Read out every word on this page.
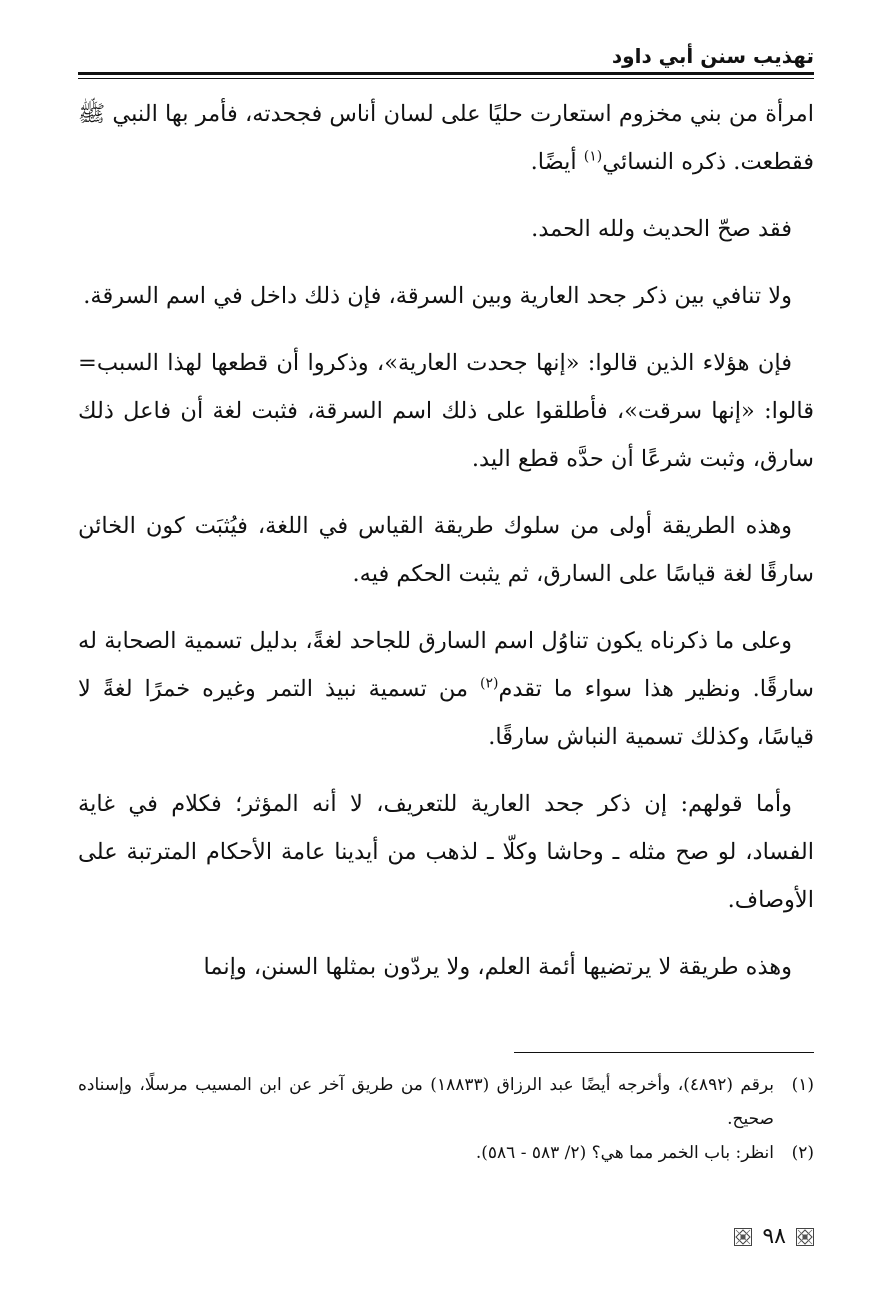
تهذيب سنن أبي داود

امرأة من بني مخزوم استعارت حليًا على لسان أناس فجحدته، فأمر بها النبي ﷺ فقطعت. ذكره النسائي$^{(١)}$ أيضًا.

فقد صحّ الحديث ولله الحمد.

ولا تنافي بين ذكر جحد العارية وبين السرقة، فإن ذلك داخل في اسم السرقة.

فإن هؤلاء الذين قالوا: «إنها جحدت العارية»، وذكروا أن قطعها لهذا السبب= قالوا: «إنها سرقت»، فأطلقوا على ذلك اسم السرقة، فثبت لغة أن فاعل ذلك سارق، وثبت شرعًا أن حدَّه قطع اليد.

وهذه الطريقة أولى من سلوك طريقة القياس في اللغة، فيُثبَت كون الخائن سارقًا لغة قياسًا على السارق، ثم يثبت الحكم فيه.

وعلى ما ذكرناه يكون تناوُل اسم السارق للجاحد لغةً، بدليل تسمية الصحابة له سارقًا. ونظير هذا سواء ما تقدم$^{(٢)}$ من تسمية نبيذ التمر وغيره خمرًا لغةً لا قياسًا، وكذلك تسمية النباش سارقًا.

وأما قولهم: إن ذكر جحد العارية للتعريف، لا أنه المؤثر؛ فكلام في غاية الفساد، لو صح مثله ـ وحاشا وكلّا ـ لذهب من أيدينا عامة الأحكام المترتبة على الأوصاف.

وهذه طريقة لا يرتضيها أئمة العلم، ولا يردّون بمثلها السنن، وإنما

(١)
برقم (٤٨٩٢)، وأخرجه أيضًا عبد الرزاق (١٨٨٣٣) من طريق آخر عن ابن المسيب مرسلًا، وإسناده صحيح.

(٢)
انظر: باب الخمر مما هي؟ (٢/ ٥٨٣ - ٥٨٦).

٩٨
